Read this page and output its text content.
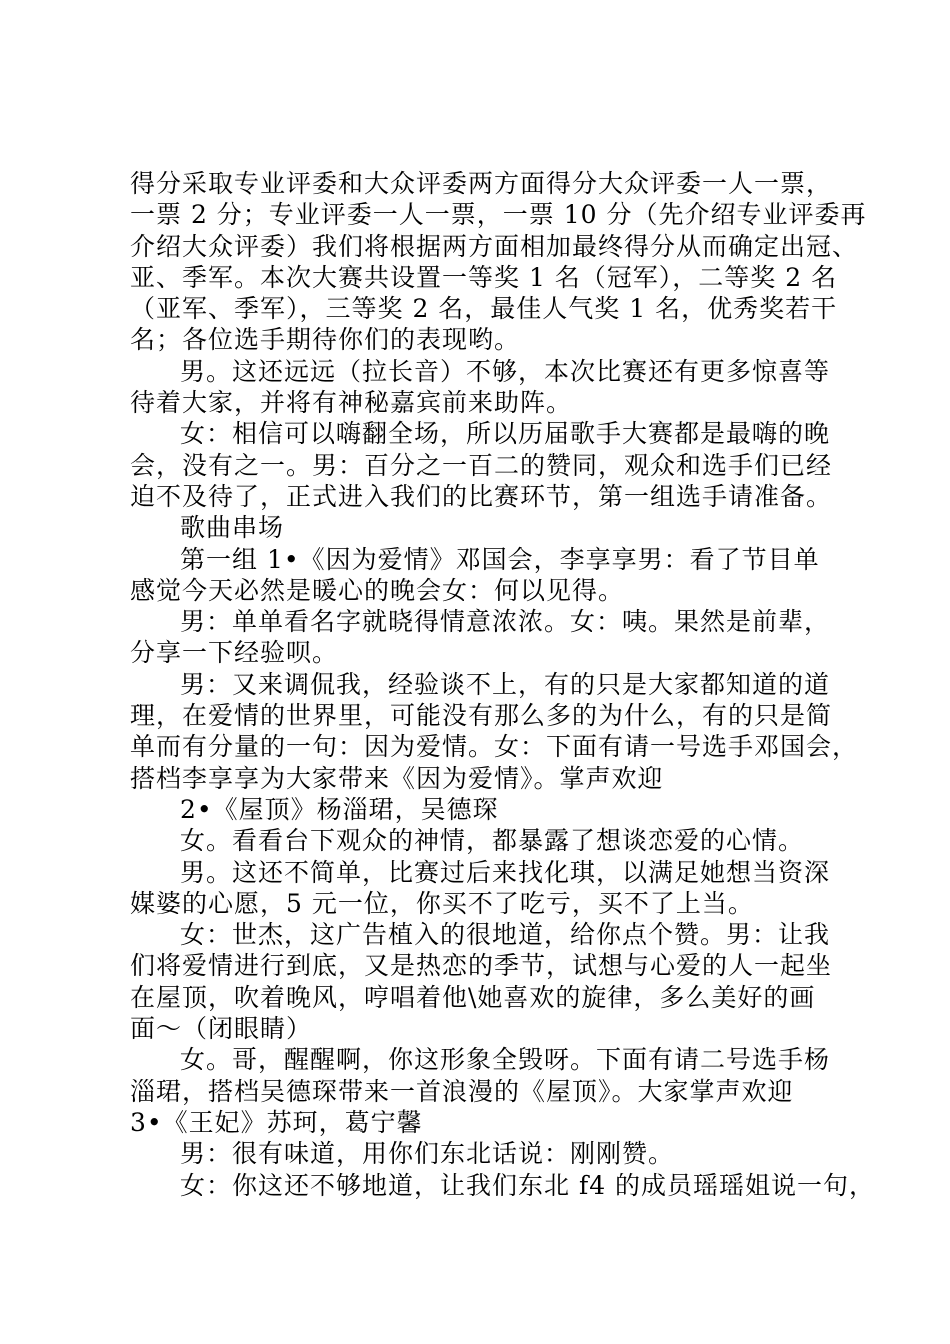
得分采取专业评委和大众评委两方面得分大众评委一人一票，
一票 2 分；专业评委一人一票，一票 10 分（先介绍专业评委再
介绍大众评委）我们将根据两方面相加最终得分从而确定出冠、
亚、季军。本次大赛共设置一等奖 1 名（冠军），二等奖 2 名
（亚军、季军），三等奖 2 名，最佳人气奖 1 名，优秀奖若干
名；各位选手期待你们的表现哟。
男。这还远远（拉长音）不够，本次比赛还有更多惊喜等
待着大家，并将有神秘嘉宾前来助阵。
女：相信可以嗨翻全场，所以历届歌手大赛都是最嗨的晚
会，没有之一。男：百分之一百二的赞同，观众和选手们已经
迫不及待了，正式进入我们的比赛环节，第一组选手请准备。
歌曲串场
第一组 1•《因为爱情》邓国会，李享享男：看了节目单
感觉今天必然是暖心的晚会女：何以见得。
男：单单看名字就晓得情意浓浓。女：咦。果然是前辈，
分享一下经验呗。
男：又来调侃我，经验谈不上，有的只是大家都知道的道
理，在爱情的世界里，可能没有那么多的为什么，有的只是简
单而有分量的一句：因为爱情。女：下面有请一号选手邓国会，
搭档李享享为大家带来《因为爱情》。掌声欢迎
2•《屋顶》杨淄珺，吴德琛
女。看看台下观众的神情，都暴露了想谈恋爱的心情。
男。这还不简单，比赛过后来找化琪，以满足她想当资深
媒婆的心愿，5 元一位，你买不了吃亏，买不了上当。
女：世杰，这广告植入的很地道，给你点个赞。男：让我
们将爱情进行到底，又是热恋的季节，试想与心爱的人一起坐
在屋顶，吹着晚风，哼唱着他\她喜欢的旋律，多么美好的画
面～（闭眼睛）
女。哥，醒醒啊，你这形象全毁呀。下面有请二号选手杨
淄珺，搭档吴德琛带来一首浪漫的《屋顶》。大家掌声欢迎
3•《王妃》苏珂，葛宁馨
男：很有味道，用你们东北话说：刚刚赞。
女：你这还不够地道，让我们东北 f4 的成员瑶瑶姐说一句，
